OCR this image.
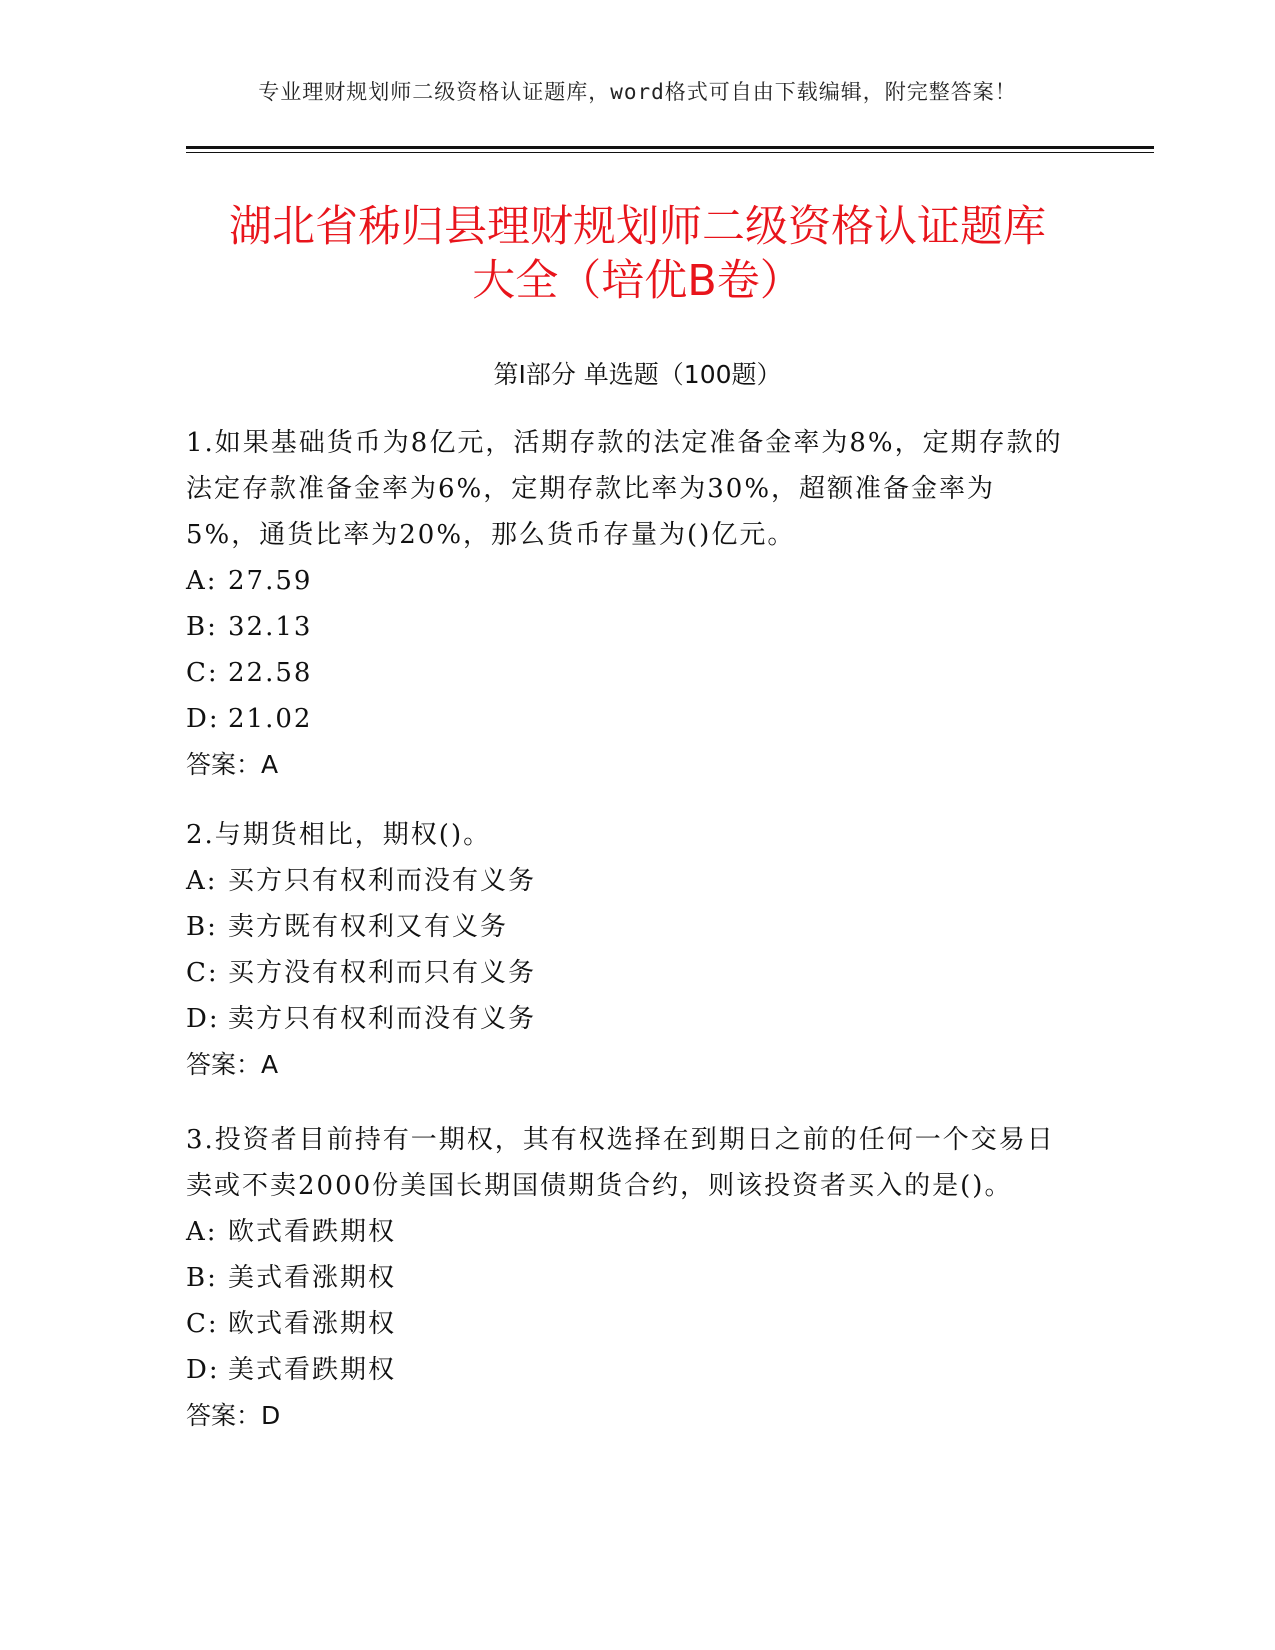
专业理财规划师二级资格认证题库，word格式可自由下载编辑，附完整答案！
湖北省秭归县理财规划师二级资格认证题库
大全（培优B卷）
第Ⅰ部分 单选题（100题）

1.如果基础货币为8亿元，活期存款的法定准备金率为8%，定期存款的法定存款准备金率为6%，定期存款比率为30%，超额准备金率为5%，通货比率为20%，那么货币存量为()亿元。

A: 27.59
B: 32.13
C: 22.58
D: 21.02
答案：A

2.与期货相比，期权()。

A: 买方只有权利而没有义务
B: 卖方既有权利又有义务
C: 买方没有权利而只有义务
D: 卖方只有权利而没有义务
答案：A

3.投资者目前持有一期权，其有权选择在到期日之前的任何一个交易日卖或不卖2000份美国长期国债期货合约，则该投资者买入的是()。

A: 欧式看跌期权
B: 美式看涨期权
C: 欧式看涨期权
D: 美式看跌期权
答案：D
